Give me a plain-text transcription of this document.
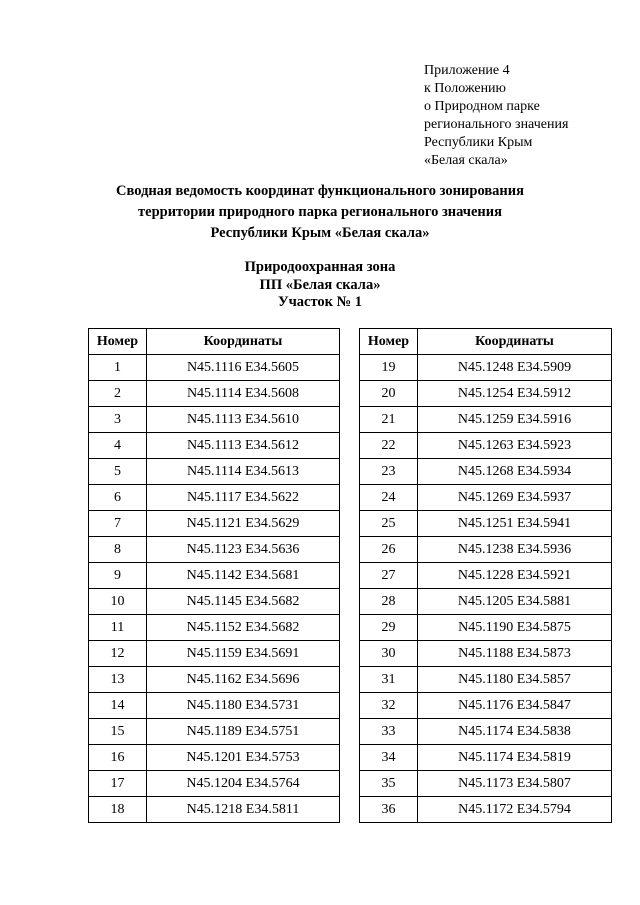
Приложение 4
к Положению
о Природном парке
регионального значения
Республики Крым
«Белая скала»
Сводная ведомость координат функционального зонирования
территории природного парка регионального значения
Республики Крым «Белая скала»
Природоохранная зона
ПП «Белая скала»
Участок № 1
Номер	Координаты
1	N45.1116 E34.5605
2	N45.1114 E34.5608
3	N45.1113 E34.5610
4	N45.1113 E34.5612
5	N45.1114 E34.5613
6	N45.1117 E34.5622
7	N45.1121 E34.5629
8	N45.1123 E34.5636
9	N45.1142 E34.5681
10	N45.1145 E34.5682
11	N45.1152 E34.5682
12	N45.1159 E34.5691
13	N45.1162 E34.5696
14	N45.1180 E34.5731
15	N45.1189 E34.5751
16	N45.1201 E34.5753
17	N45.1204 E34.5764
18	N45.1218 E34.5811
Номер	Координаты
19	N45.1248 E34.5909
20	N45.1254 E34.5912
21	N45.1259 E34.5916
22	N45.1263 E34.5923
23	N45.1268 E34.5934
24	N45.1269 E34.5937
25	N45.1251 E34.5941
26	N45.1238 E34.5936
27	N45.1228 E34.5921
28	N45.1205 E34.5881
29	N45.1190 E34.5875
30	N45.1188 E34.5873
31	N45.1180 E34.5857
32	N45.1176 E34.5847
33	N45.1174 E34.5838
34	N45.1174 E34.5819
35	N45.1173 E34.5807
36	N45.1172 E34.5794
